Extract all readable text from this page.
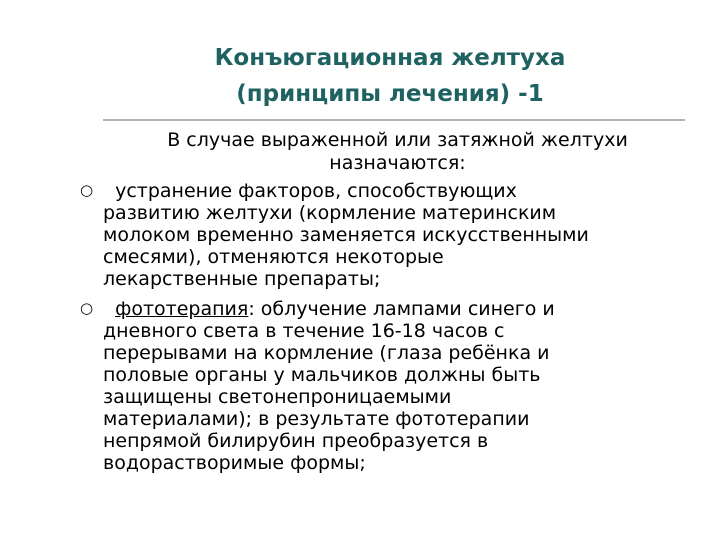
Конъюгационная желтуха
(принципы лечения) -1
В случае выраженной или затяжной желтухи
назначаются:
○ устранение факторов, способствующих
развитию желтухи (кормление материнским
молоком временно заменяется искусственными
смесями), отменяются некоторые
лекарственные препараты;
○	фототерапия: облучение лампами синего и
дневного света в течение 16-18 часов с
перерывами на кормление (глаза ребёнка и
половые органы у мальчиков должны быть
защищены светонепроницаемыми
материалами); в результате фототерапии
непрямой билирубин преобразуется в
водорастворимые формы;
